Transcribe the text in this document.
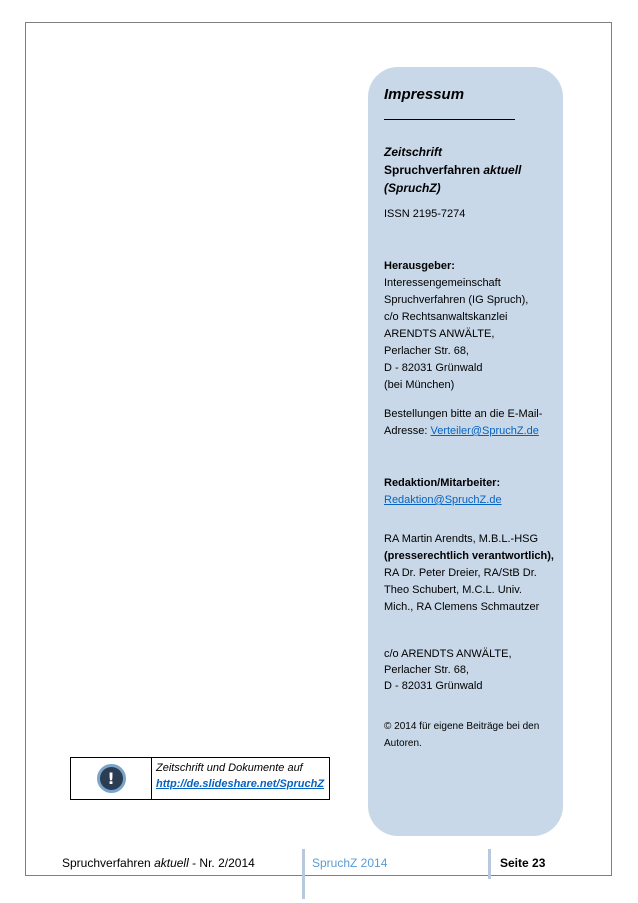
Impressum
Zeitschrift
Spruchverfahren aktuell
(SpruchZ)

ISSN 2195-7274

Herausgeber:
Interessengemeinschaft
Spruchverfahren (IG Spruch),
c/o Rechtsanwaltskanzlei
ARENDTS ANWÄLTE,
Perlacher Str. 68,
D - 82031 Grünwald
(bei München)
Bestellungen bitte an die E-Mail-Adresse: Verteiler@SpruchZ.de
Redaktion/Mitarbeiter:
Redaktion@SpruchZ.de
RA Martin Arendts, M.B.L.-HSG (presserechtlich verantwortlich), RA Dr. Peter Dreier, RA/StB Dr. Theo Schubert, M.C.L. Univ. Mich., RA Clemens Schmautzer
c/o ARENDTS ANWÄLTE,
Perlacher Str. 68,
D - 82031 Grünwald

© 2014 für eigene Beiträge bei den Autoren.

!
Zeitschrift und Dokumente auf
http://de.slideshare.net/SpruchZ
Spruchverfahren aktuell - Nr. 2/2014	SpruchZ 2014	Seite 23
